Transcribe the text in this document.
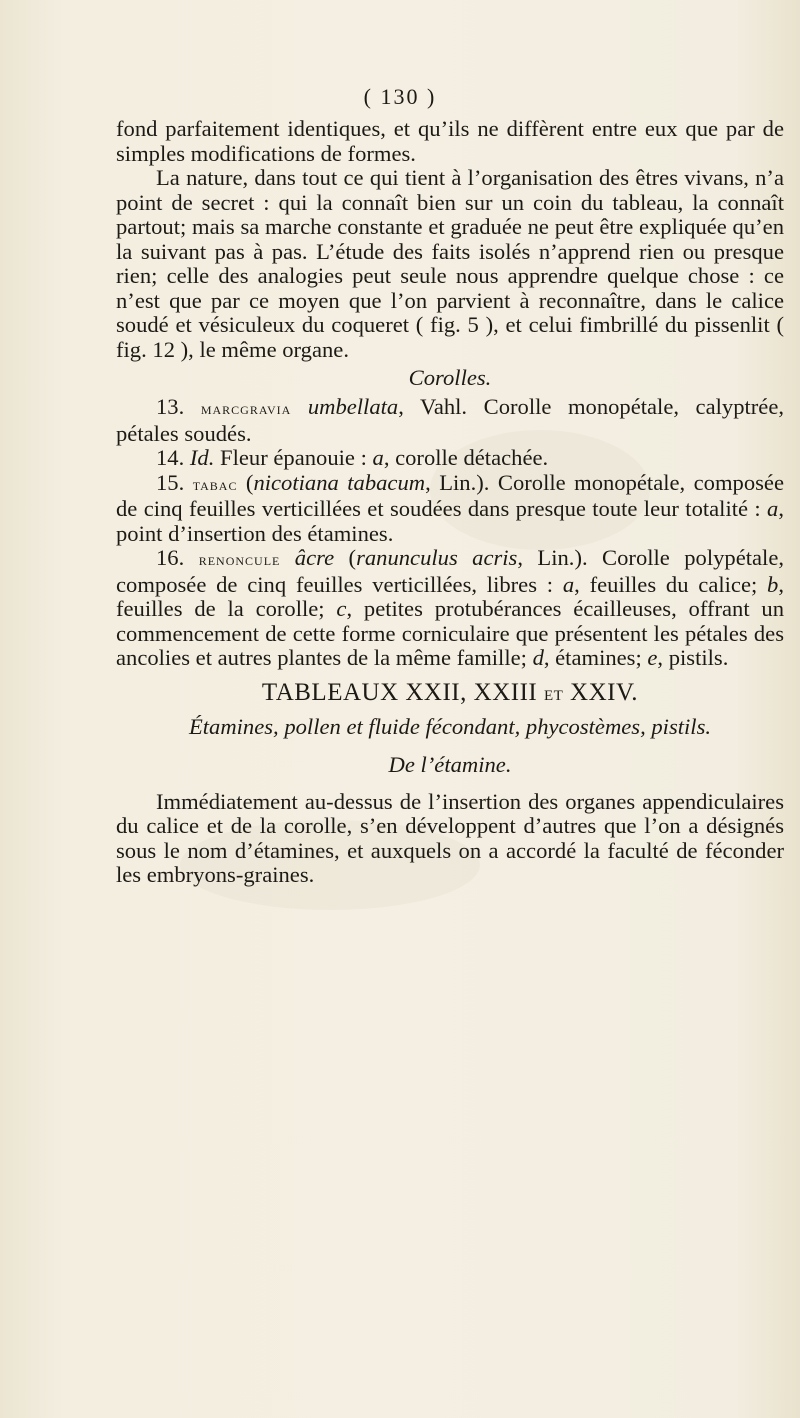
( 130 )

fond parfaitement identiques, et qu’ils ne diffèrent entre eux que par de simples modifications de formes.

La nature, dans tout ce qui tient à l’organisation des êtres vivans, n’a point de secret : qui la connaît bien sur un coin du tableau, la connaît partout; mais sa marche constante et graduée ne peut être expliquée qu’en la suivant pas à pas. L’étude des faits isolés n’apprend rien ou presque rien; celle des analogies peut seule nous apprendre quelque chose : ce n’est que par ce moyen que l’on parvient à reconnaître, dans le calice soudé et vésiculeux du coqueret ( fig. 5 ), et celui fimbrillé du pissenlit ( fig. 12 ), le même organe.

Corolles.

13. marcgravia umbellata, Vahl. Corolle monopétale, calyptrée, pétales soudés.

14. Id. Fleur épanouie : a, corolle détachée.

15. tabac (nicotiana tabacum, Lin.). Corolle monopétale, composée de cinq feuilles verticillées et soudées dans presque toute leur totalité : a, point d’insertion des étamines.

16. renoncule âcre (ranunculus acris, Lin.). Corolle polypétale, composée de cinq feuilles verticillées, libres : a, feuilles du calice; b, feuilles de la corolle; c, petites protubérances écailleuses, offrant un commencement de cette forme corniculaire que présentent les pétales des ancolies et autres plantes de la même famille; d, étamines; e, pistils.

TABLEAUX XXII, XXIII ET XXIV.

Étamines, pollen et fluide fécondant, phycostèmes, pistils.

De l’étamine.

Immédiatement au-dessus de l’insertion des organes appendiculaires du calice et de la corolle, s’en développent d’autres que l’on a désignés sous le nom d’étamines, et auxquels on a accordé la faculté de féconder les embryons-graines.
